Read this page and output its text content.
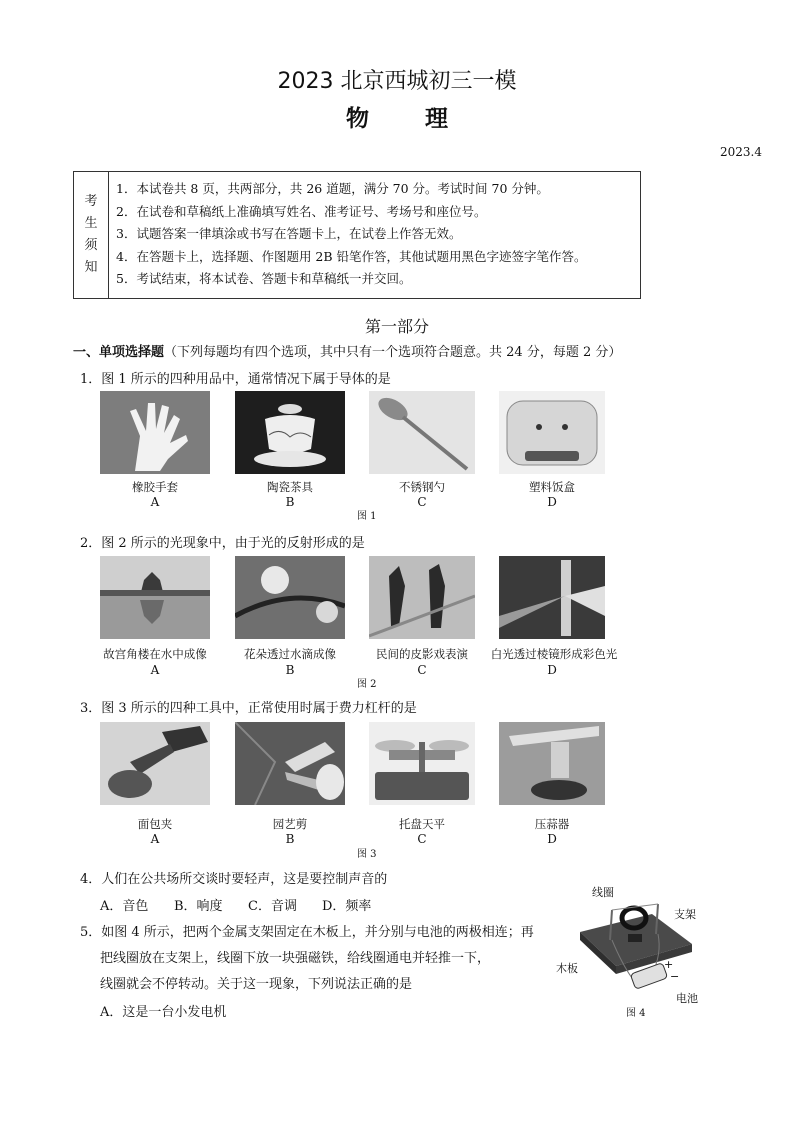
2023 北京西城初三一模
物 理
2023.4
考
生
须
知
1．本试卷共 8 页，共两部分，共 26 道题，满分 70 分。考试时间 70 分钟。
2．在试卷和草稿纸上准确填写姓名、准考证号、考场号和座位号。
3．试题答案一律填涂或书写在答题卡上，在试卷上作答无效。
4．在答题卡上，选择题、作图题用 2B 铅笔作答，其他试题用黑色字迹签字笔作答。
5．考试结束，将本试卷、答题卡和草稿纸一并交回。
第一部分
一、单项选择题（下列每题均有四个选项，其中只有一个选项符合题意。共 24 分，每题 2 分）
1．图 1 所示的四种用品中，通常情况下属于导体的是
橡胶手套	陶瓷茶具	不锈钢勺	塑料饭盒
A	B	C	D
图 1
2．图 2 所示的光现象中，由于光的反射形成的是
故宫角楼在水中成像	花朵透过水滴成像	民间的皮影戏表演	白光透过棱镜形成彩色光
A	B	C	D
图 2
3．图 3 所示的四种工具中，正常使用时属于费力杠杆的是
面包夹	园艺剪	托盘天平	压蒜器
A	B	C	D
图 3
4．人们在公共场所交谈时要轻声，这是要控制声音的
A．音色 B．响度 C．音调 D．频率
5．如图 4 所示，把两个金属支架固定在木板上，并分别与电池的两极相连；再
把线圈放在支架上，线圈下放一块强磁铁，给线圈通电并轻推一下，
线圈就会不停转动。关于这一现象，下列说法正确的是
A．这是一台小发电机
线圈
支架
木板
电池
+
−
图 4
